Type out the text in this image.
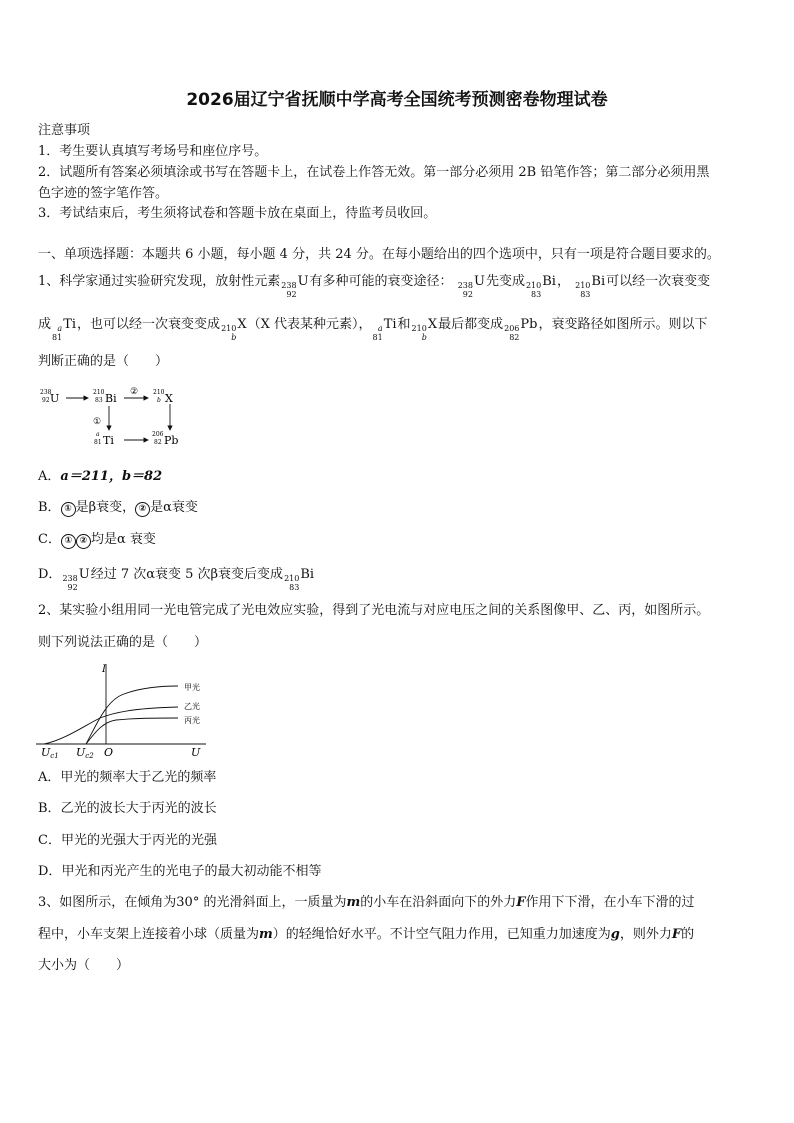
2026届辽宁省抚顺中学高考全国统考预测密卷物理试卷
注意事项
1．考生要认真填写考场号和座位序号。
2．试题所有答案必须填涂或书写在答题卡上，在试卷上作答无效。第一部分必须用 2B 铅笔作答；第二部分必须用黑
色字迹的签字笔作答。
3．考试结束后，考生须将试卷和答题卡放在桌面上，待监考员收回。
一、单项选择题：本题共 6 小题，每小题 4 分，共 24 分。在每小题给出的四个选项中，只有一项是符合题目要求的。
1、科学家通过实验研究发现，放射性元素 238
92
U有多种可能的衰变途径： 238
92
U先变成 210
83
Bi， 210
83
Bi可以经一次衰变变
成 a
81
Ti，也可以经一次衰变变成 210
b
X（X 代表某种元素）， a
81
Ti和 210
b
X最后都变成 206
82
Pb，衰变路径如图所示。则以下
判断正确的是（　　）
238
92 U	210
83 Bi ② 210
b X
①
a
81 Ti	206
82 Pb
A．a＝211，b＝82
B． ① 是β衰变， ② 是α衰变
C． ① ② 均是α 衰变
D． 238
92
U经过 7 次α衰变 5 次β衰变后变成 210
83
Bi
2、某实验小组用同一光电管完成了光电效应实验，得到了光电流与对应电压之间的关系图像甲、乙、丙，如图所示。
则下列说法正确的是（　　）
I
U
O
Uc1 Uc2
甲光
乙光
丙光
A．甲光的频率大于乙光的频率
B．乙光的波长大于丙光的波长
C．甲光的光强大于丙光的光强
D．甲光和丙光产生的光电子的最大初动能不相等
3、如图所示，在倾角为30° 的光滑斜面上，一质量为m的小车在沿斜面向下的外力F作用下下滑，在小车下滑的过
程中，小车支架上连接着小球（质量为m）的轻绳恰好水平。不计空气阻力作用，已知重力加速度为g，则外力F的
大小为（　　）
